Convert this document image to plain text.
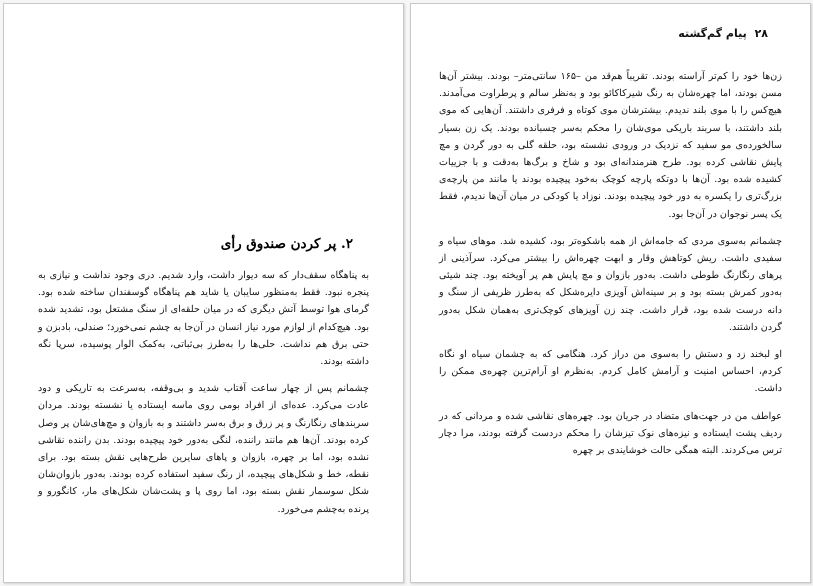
۲. پر کردن صندوق رأی

به پناهگاه سقف‌دار که سه دیوار داشت، وارد شدیم. دری وجود نداشت و نیازی به پنجره نبود. فقط به‌منظور سایبان یا شاید هم پناهگاه گوسفندان ساخته شده بود. گرمای هوا توسط آتش دیگری که در میان حلقه‌ای از سنگ مشتعل بود، تشدید شده بود. هیچ‌کدام از لوازم مورد نیاز انسان در آن‌جا به چشم نمی‌خورد؛ صندلی، بادبزن و حتی برق هم نداشت. حلی‌ها را به‌طرز بی‌ثباتی، به‌کمک الوار پوسیده، سرپا نگه داشته بودند.

چشمانم پس از چهار ساعت آفتاب شدید و بی‌وقفه، به‌سرعت به تاریکی و دود عادت می‌کرد. عده‌ای از افراد بومی روی ماسه ایستاده یا نشسته بودند. مردان سربندهای رنگارنگ و پر زرق و برق به‌سر داشتند و به بازوان و مچ‌های‌شان پر وصل کرده بودند. آن‌ها هم مانند راننده، لنگی به‌دور خود پیچیده بودند. بدن راننده نقاشی نشده بود، اما بر چهره، بازوان و پاهای سایرین طرح‌هایی نقش بسته بود. برای نقطه، خط و شکل‌های پیچیده، از رنگ سفید استفاده کرده بودند. به‌دور بازوان‌شان شکل سوسمار نقش بسته بود، اما روی پا و پشت‌شان شکل‌های مار، کانگورو و پرنده به‌چشم می‌خورد.

۲۸ پیام گم‌گشته

زن‌ها خود را کم‌تر آراسته بودند. تقریباً هم‌قد من –۱۶۵ سانتی‌متر– بودند. بیشتر آن‌ها مسن بودند، اما چهره‌شان به رنگ شیرکاکائو بود و به‌نظر سالم و پرطراوت می‌آمدند. هیچ‌کس را با موی بلند ندیدم. بیشترشان موی کوتاه و فرفری داشتند. آن‌هایی که موی بلند داشتند، با سربند باریکی موی‌شان را محکم به‌سر چسبانده بودند. یک زن بسیار سالخورده‌ی مو سفید که نزدیک در ورودی نشسته بود، حلقه گلی به دور گردن و مچ پایش نقاشی کرده بود. طرح هنرمندانه‌ای بود و شاخ و برگ‌ها به‌دقت و با جزییات کشیده شده بود. آن‌ها با دوتکه پارچه کوچک به‌خود پیچیده بودند یا مانند من پارچه‌ی بزرگ‌تری را یکسره به دور خود پیچیده بودند. نوزاد یا کودکی در میان آن‌ها ندیدم، فقط یک پسر نوجوان در آن‌جا بود.

چشمانم به‌سوی مردی که جامه‌اش از همه باشکوه‌تر بود، کشیده شد. موهای سیاه و سفیدی داشت. ریش کوتاهش وقار و ابهت چهره‌اش را بیشتر می‌کرد. سرآذینی از پرهای رنگارنگ طوطی داشت. به‌دور بازوان و مچ پایش هم پر آویخته بود. چند شیئی به‌دور کمرش بسته بود و بر سینه‌اش آویزی دایره‌شکل که به‌طرز ظریفی از سنگ و دانه درست شده بود، قرار داشت. چند زن آویزهای کوچک‌تری به‌همان شکل به‌دور گردن داشتند.

او لبخند زد و دستش را به‌سوی من دراز کرد. هنگامی که به چشمان سیاه او نگاه کردم، احساس امنیت و آرامش کامل کردم. به‌نظرم او آرام‌ترین چهره‌ی ممکن را داشت.

عواطف من در جهت‌های متضاد در جریان بود. چهره‌های نقاشی شده و مردانی که در ردیف پشت ایستاده و نیزه‌های نوک تیزشان را محکم دردست گرفته بودند، مرا دچار ترس می‌کردند. البته همگی حالت خوشایندی بر چهره
